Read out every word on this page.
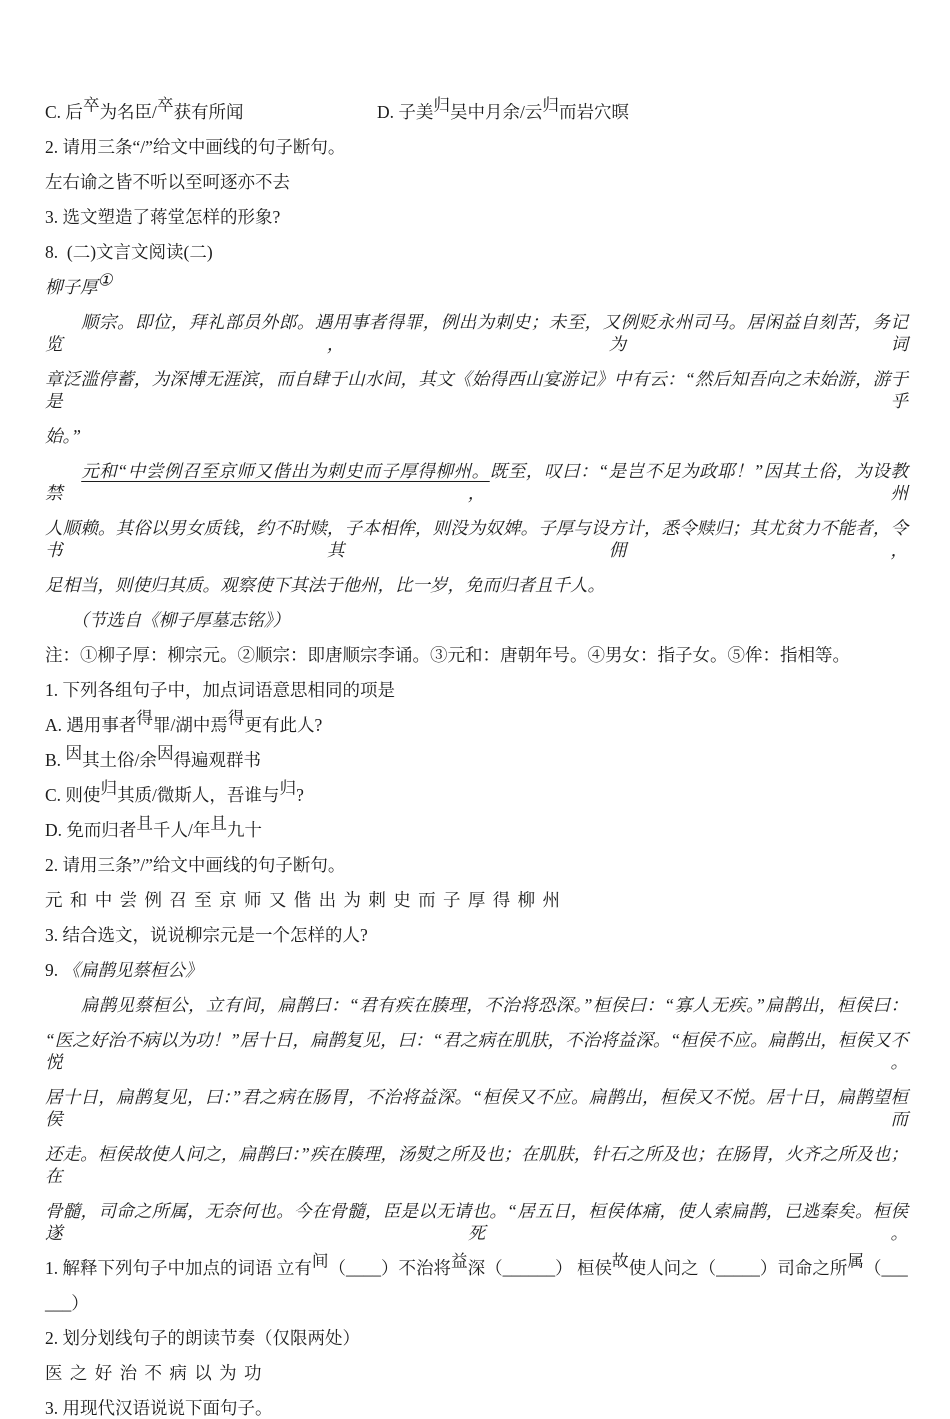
C. 后卒为名臣/卒获有所闻	D. 子美归吴中月余/云归而岩穴暝
2. 请用三条“/”给文中画线的句子断句。
左右谕之皆不听以至呵逐亦不去
3. 选文塑造了蒋堂怎样的形象?
8.  (二)文言文阅读(二)
柳子厚①
　　顺宗。即位，拜礼部员外郎。遇用事者得罪，例出为刺史；未至，又例贬永州司马。居闲益自刻苦，务记览，为词
章泛滥停蓄，为深博无涯滨，而自肆于山水间，其文《始得西山宴游记》中有云：“然后知吾向之未始游，游于是乎
始。”
　　元和“中尝例召至京师又偕出为刺史而子厚得柳州。既至，叹曰：“是岂不足为政耶！”因其土俗，为设教禁，州
人顺赖。其俗以男女质钱，约不时赎，子本相侔，则没为奴婢。子厚与设方计，悉令赎归；其尤贫力不能者，令书其佣，
足相当，则使归其质。观察使下其法于他州，比一岁，免而归者且千人。
　　（节选自《柳子厚墓志铭》）
注：①柳子厚：柳宗元。②顺宗：即唐顺宗李诵。③元和：唐朝年号。④男女：指子女。⑤侔：指相等。
1. 下列各组句子中，加点词语意思相同的项是
A. 遇用事者得罪/湖中焉得更有此人?
B. 因其土俗/余因得遍观群书
C. 则使归其质/微斯人，吾谁与归?
D. 免而归者且千人/年且九十
2. 请用三条”/”给文中画线的句子断句。
元 和 中 尝 例 召 至 京 师 又 偕 出 为 刺 史 而 子 厚 得 柳 州
3. 结合选文，说说柳宗元是一个怎样的人?
9. 《扁鹊见蔡桓公》
　　扁鹊见蔡桓公，立有间，扁鹊曰：“君有疾在腠理，不治将恐深。”桓侯曰：“寡人无疾。”扁鹊出，桓侯曰：
“医之好治不病以为功！”居十日，扁鹊复见，曰：“君之病在肌肤，不治将益深。“桓侯不应。扁鹊出，桓侯又不悦。
居十日，扁鹊复见，曰：”君之病在肠胃，不治将益深。“桓侯又不应。扁鹊出，桓侯又不悦。居十日，扁鹊望桓侯而
还走。桓侯故使人问之，扁鹊曰：”疾在腠理，汤熨之所及也；在肌肤，针石之所及也；在肠胃，火齐之所及也；在
骨髓，司命之所属，无奈何也。今在骨髓，臣是以无请也。“居五日，桓侯体痛，使人索扁鹊，已逃秦矣。桓侯遂死。
1. 解释下列句子中加点的词语 立有间（____）不治将益深（______） 桓侯故使人问之（_____）司命之所属（___
___）
2. 划分划线句子的朗读节奏（仅限两处）
医 之 好 治 不 病 以 为 功
3. 用现代汉语说说下面句子。
